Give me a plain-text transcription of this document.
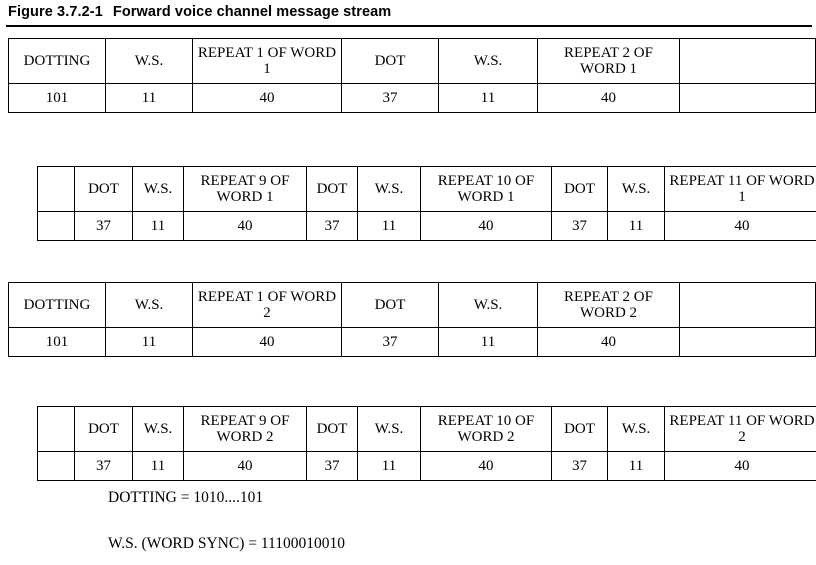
Figure 3.7.2-1 Forward voice channel message stream
DOTTING	W.S.	REPEAT 1 OF WORD 1	DOT	W.S.	REPEAT 2 OF WORD 1	

101	11	40	37	11	40	

	DOT	W.S.	REPEAT 9 OF WORD 1	DOT	W.S.	REPEAT 10 OF WORD 1	DOT	W.S.	REPEAT 11 OF WORD 1

	37	11	40	37	11	40	37	11	40
DOTTING	W.S.	REPEAT 1 OF WORD 2	DOT	W.S.	REPEAT 2 OF WORD 2	

101	11	40	37	11	40	

	DOT	W.S.	REPEAT 9 OF WORD 2	DOT	W.S.	REPEAT 10 OF WORD 2	DOT	W.S.	REPEAT 11 OF WORD 2

	37	11	40	37	11	40	37	11	40
DOTTING = 1010....101
W.S. (WORD SYNC) = 11100010010
